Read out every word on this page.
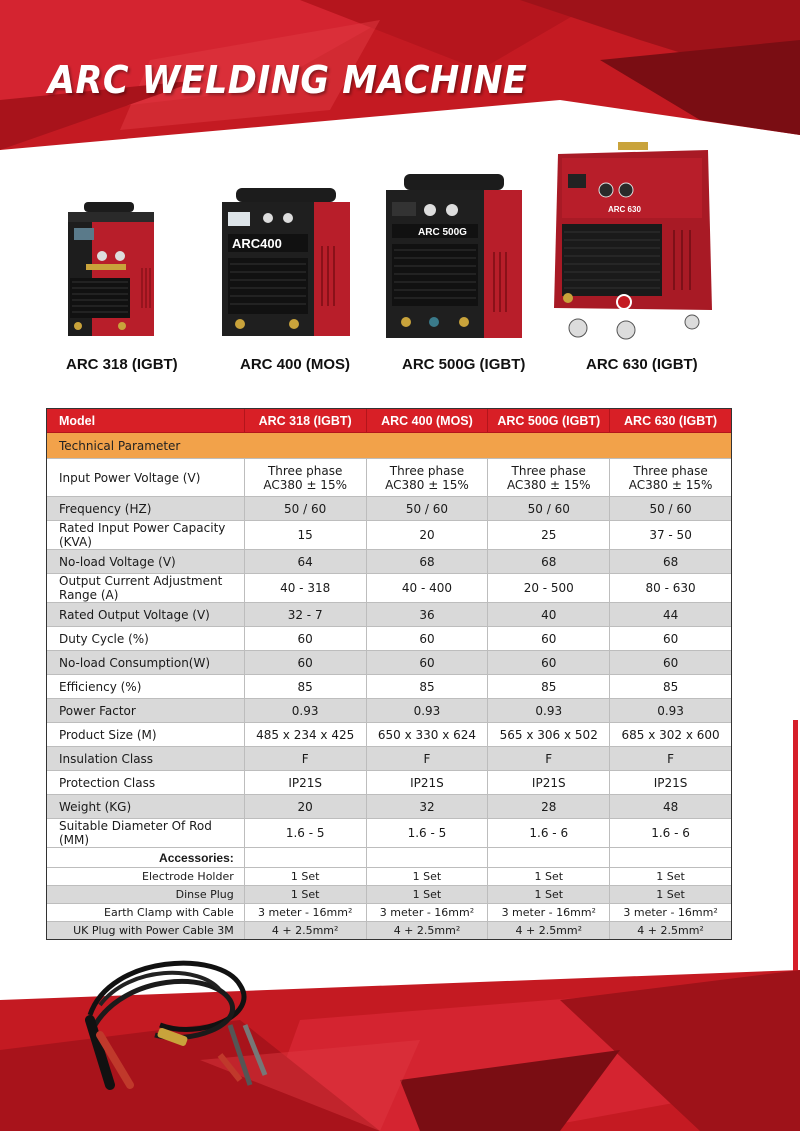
ARC WELDING MACHINE
ARC 318 (IGBT)
ARC400
ARC 400 (MOS)
ARC 500G
ARC 500G (IGBT)
ARC 630
ARC 630 (IGBT)
Model	ARC 318 (IGBT)	ARC 400 (MOS)	ARC 500G (IGBT)	ARC 630 (IGBT)
Technical Parameter				
Input Power Voltage (V)	Three phase AC380 ± 15%	Three phase AC380 ± 15%	Three phase AC380 ± 15%	Three phase AC380 ± 15%
Frequency (HZ)	50 / 60	50 / 60	50 / 60	50 / 60
Rated Input Power Capacity (KVA)	15	20	25	37 - 50
No-load Voltage (V)	64	68	68	68
Output Current Adjustment Range (A)	40 - 318	40 - 400	20 - 500	80 - 630
Rated Output Voltage (V)	32 - 7	36	40	44
Duty Cycle (%)	60	60	60	60
No-load Consumption(W)	60	60	60	60
Efficiency (%)	85	85	85	85
Power Factor	0.93	0.93	0.93	0.93
Product Size (M)	485 x 234 x 425	650 x 330 x 624	565 x 306 x 502	685 x 302 x 600
Insulation Class	F	F	F	F
Protection Class	IP21S	IP21S	IP21S	IP21S
Weight (KG)	20	32	28	48
Suitable Diameter Of Rod (MM)	1.6 - 5	1.6 - 5	1.6 - 6	1.6 - 6
Accessories:				
Electrode Holder	1 Set	1 Set	1 Set	1 Set
Dinse Plug	1 Set	1 Set	1 Set	1 Set
Earth Clamp with Cable	3 meter - 16mm²	3 meter - 16mm²	3 meter - 16mm²	3 meter - 16mm²
UK Plug with Power Cable 3M	4 + 2.5mm²	4 + 2.5mm²	4 + 2.5mm²	4 + 2.5mm²
